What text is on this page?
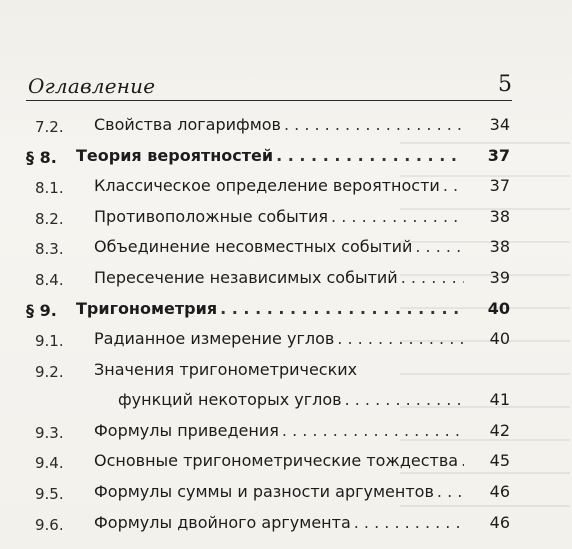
Оглавление	5
7.2. Свойства логарифмов . . .	34
§ 8. Теория вероятностей . . .	37
8.1. Классическое определение вероятности . . .	37
8.2. Противоположные события . . .	38
8.3. Объединение несовместных событий . . .	38
8.4. Пересечение независимых событий . . .	39
§ 9. Тригонометрия . . .	40
9.1. Радианное измерение углов . . .	40
9.2. Значения тригонометрических
функций некоторых углов . . .	41
9.3. Формулы приведения . . .	42
9.4. Основные тригонометрические тождества . . .	45
9.5. Формулы суммы и разности аргументов . . .	46
9.6. Формулы двойного аргумента . . .	46
